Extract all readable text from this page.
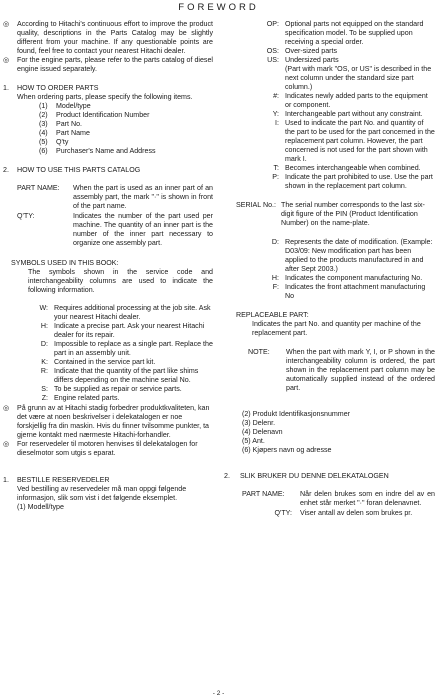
FOREWORD
◎	According to Hitachi's continuous effort to improve the product quality, descriptions in the Parts Catalog may be slightly different from your machine. If any questionable points are found, feel free to contact your nearest Hitachi dealer.
◎	For the engine parts, please refer to the parts catalog of diesel engine issued separately.
1.	HOW TO ORDER PARTS
When ordering parts, please specify the following items.
(1)	Model/type
(2)	Product Identification Number
(3)	Part No.
(4)	Part Name
(5)	Q'ty
(6)	Purchaser's Name and Address
2.	HOW TO USE THIS PARTS CATALOG
PART NAME:	When the part is used as an inner part of an assembly part, the mark "·" is shown in front of the part name.
Q'TY:	Indicates the number of the part used per machine. The quantity of an inner part is the number of the inner part necessary to organize one assembly part.
SYMBOLS USED IN THIS BOOK:
The symbols shown in the service code and interchangeability columns are used to indicate the following information.
W: Requires additional processing at the job site. Ask your nearest Hitachi dealer.
H: Indicate a precise part. Ask your nearest Hitachi dealer for its repair.
D: Impossible to replace as a single part. Replace the part in an assembly unit.
K: Contained in the service part kit.
R: Indicate that the quantity of the part like shims differs depending on the machine serial No.
S: To be supplied as repair or service parts.
Z: Engine related parts.
◎	På grunn av at Hitachi stadig forbedrer produktkvaliteten, kan det være at noen beskrivelser i delekatalogen er noe forskjellig fra din maskin. Hvis du finner tvilsomme punkter, ta gjerne kontakt med nærmeste Hitachi-forhandler.
◎	For reservedeler til motoren henvises til delekatalogen for dieselmotor som utgis s eparat.
1.	BESTILLE RESERVEDELER
Ved bestilling av reservedeler må man oppgi følgende informasjon, slik som vist i det følgende eksemplet.
(1) Modell/type
OP: Optional parts not equipped on the standard specification model. To be supplied upon receiving a special order.
OS: Over-sized parts
US: Undersized parts
(Part with mark "OS, or US" is described in the next column under the standard size part column.)
#: Indicates newly added parts to the equipment or component.
Y: Interchangeable part without any constraint.
I: Used to indicate the part No. and quantity of the part to be used for the part concerned in the replacement part column. However, the part concerned is not used for the part shown with mark I.
T: Becomes interchangeable when combined.
P: Indicate the part prohibited to use. Use the part shown in the replacement part column.
SERIAL No.: The serial number corresponds to the last six-digit figure of the PIN (Product Identification Number) on the name-plate.
D: Represents the date of modification. (Example: D03/09: New modification part has been applied to the products manufactured in and after Sept 2003.)
H: Indicates the component manufacturing No.
F: Indicates the front attachment manufacturing No
REPLACEABLE PART:
Indicates the part No. and quantity per machine of the replacement part.
NOTE:	When the part with mark Y, I, or P shown in the interchangeability column is ordered, the part shown in the replacement part column may be automatically supplied instead of the ordered part.
(2) Produkt Identifikasjonsnummer
(3) Delenr.
(4) Delenavn
(5) Ant.
(6) Kjøpers navn og adresse
2.	SLIK BRUKER DU DENNE DELEKATALOGEN
PART NAME:	Når delen brukes som en indre del av en enhet står merket "·" foran delenavnet.
Q'TY:	Viser antall av delen som brukes pr.
- 2 -
